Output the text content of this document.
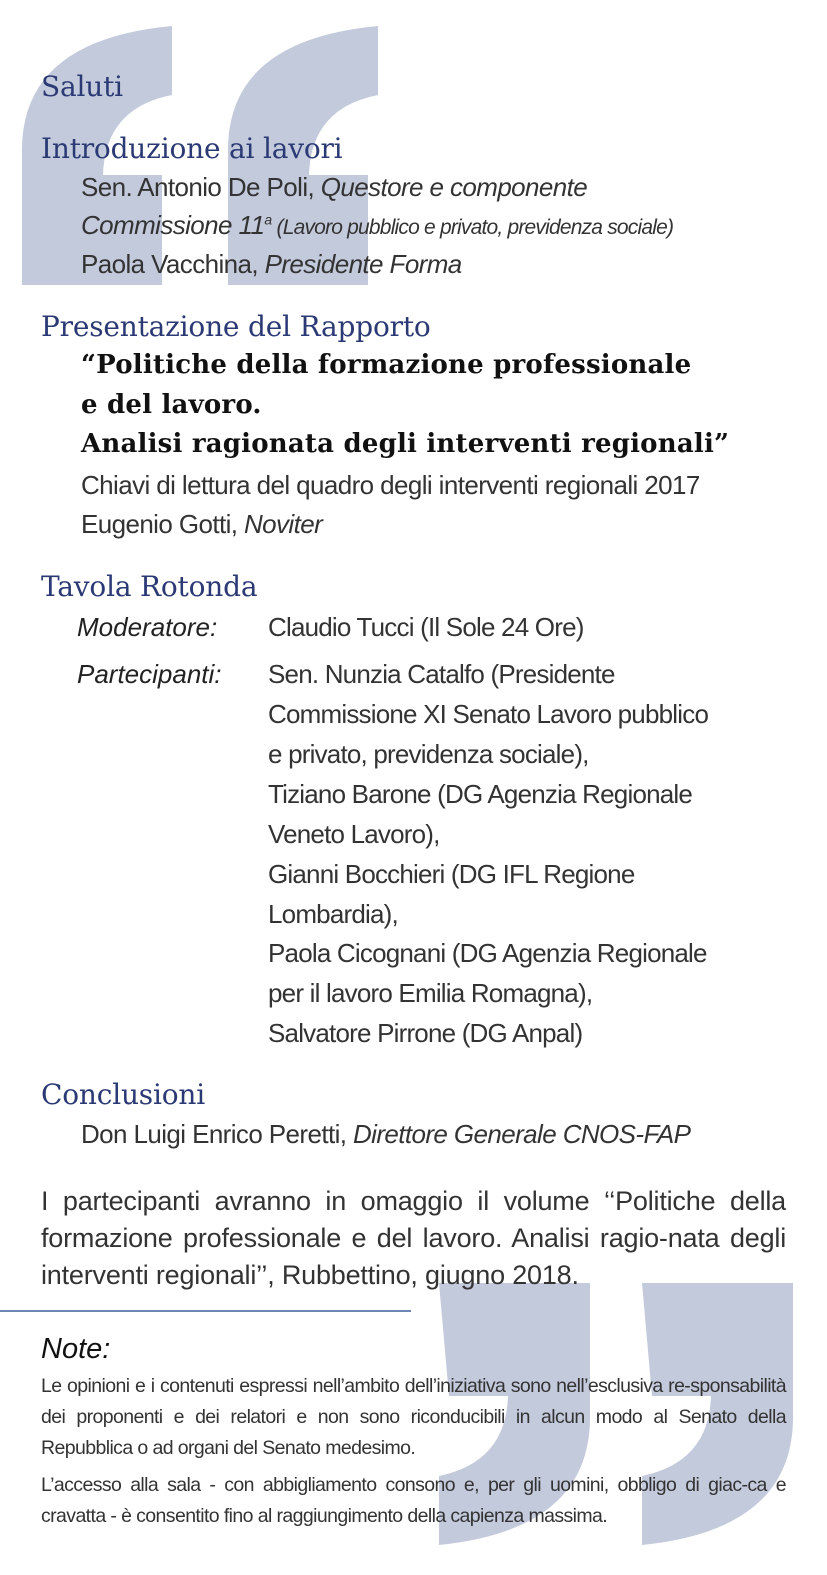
Saluti
Introduzione ai lavori
Sen. Antonio De Poli, Questore e componente
Commissione 11$^a$ (Lavoro pubblico e privato, previdenza sociale)
Paola Vacchina, Presidente Forma
Presentazione del Rapporto
“Politiche della formazione professionale
e del lavoro.
Analisi ragionata degli interventi regionali”
Chiavi di lettura del quadro degli interventi regionali 2017
Eugenio Gotti, Noviter
Tavola Rotonda
Moderatore: Claudio Tucci (Il Sole 24 Ore)
Partecipanti: Sen. Nunzia Catalfo (Presidente
Commissione XI Senato Lavoro pubblico
e privato, previdenza sociale),
Tiziano Barone (DG Agenzia Regionale
Veneto Lavoro),
Gianni Bocchieri (DG IFL Regione
Lombardia),
Paola Cicognani (DG Agenzia Regionale
per il lavoro Emilia Romagna),
Salvatore Pirrone (DG Anpal)
Conclusioni
Don Luigi Enrico Peretti, Direttore Generale CNOS-FAP
I partecipanti avranno in omaggio il volume ‘‘Politiche della formazione professionale e del lavoro. Analisi ragio-nata degli interventi regionali’’, Rubbettino, giugno 2018.
Note:
Le opinioni e i contenuti espressi nell’ambito dell’iniziativa sono nell’esclusiva re-sponsabilità dei proponenti e dei relatori e non sono riconducibili in alcun modo al Senato della Repubblica o ad organi del Senato medesimo.
L’accesso alla sala - con abbigliamento consono e, per gli uomini, obbligo di giac-ca e cravatta - è consentito fino al raggiungimento della capienza massima.
